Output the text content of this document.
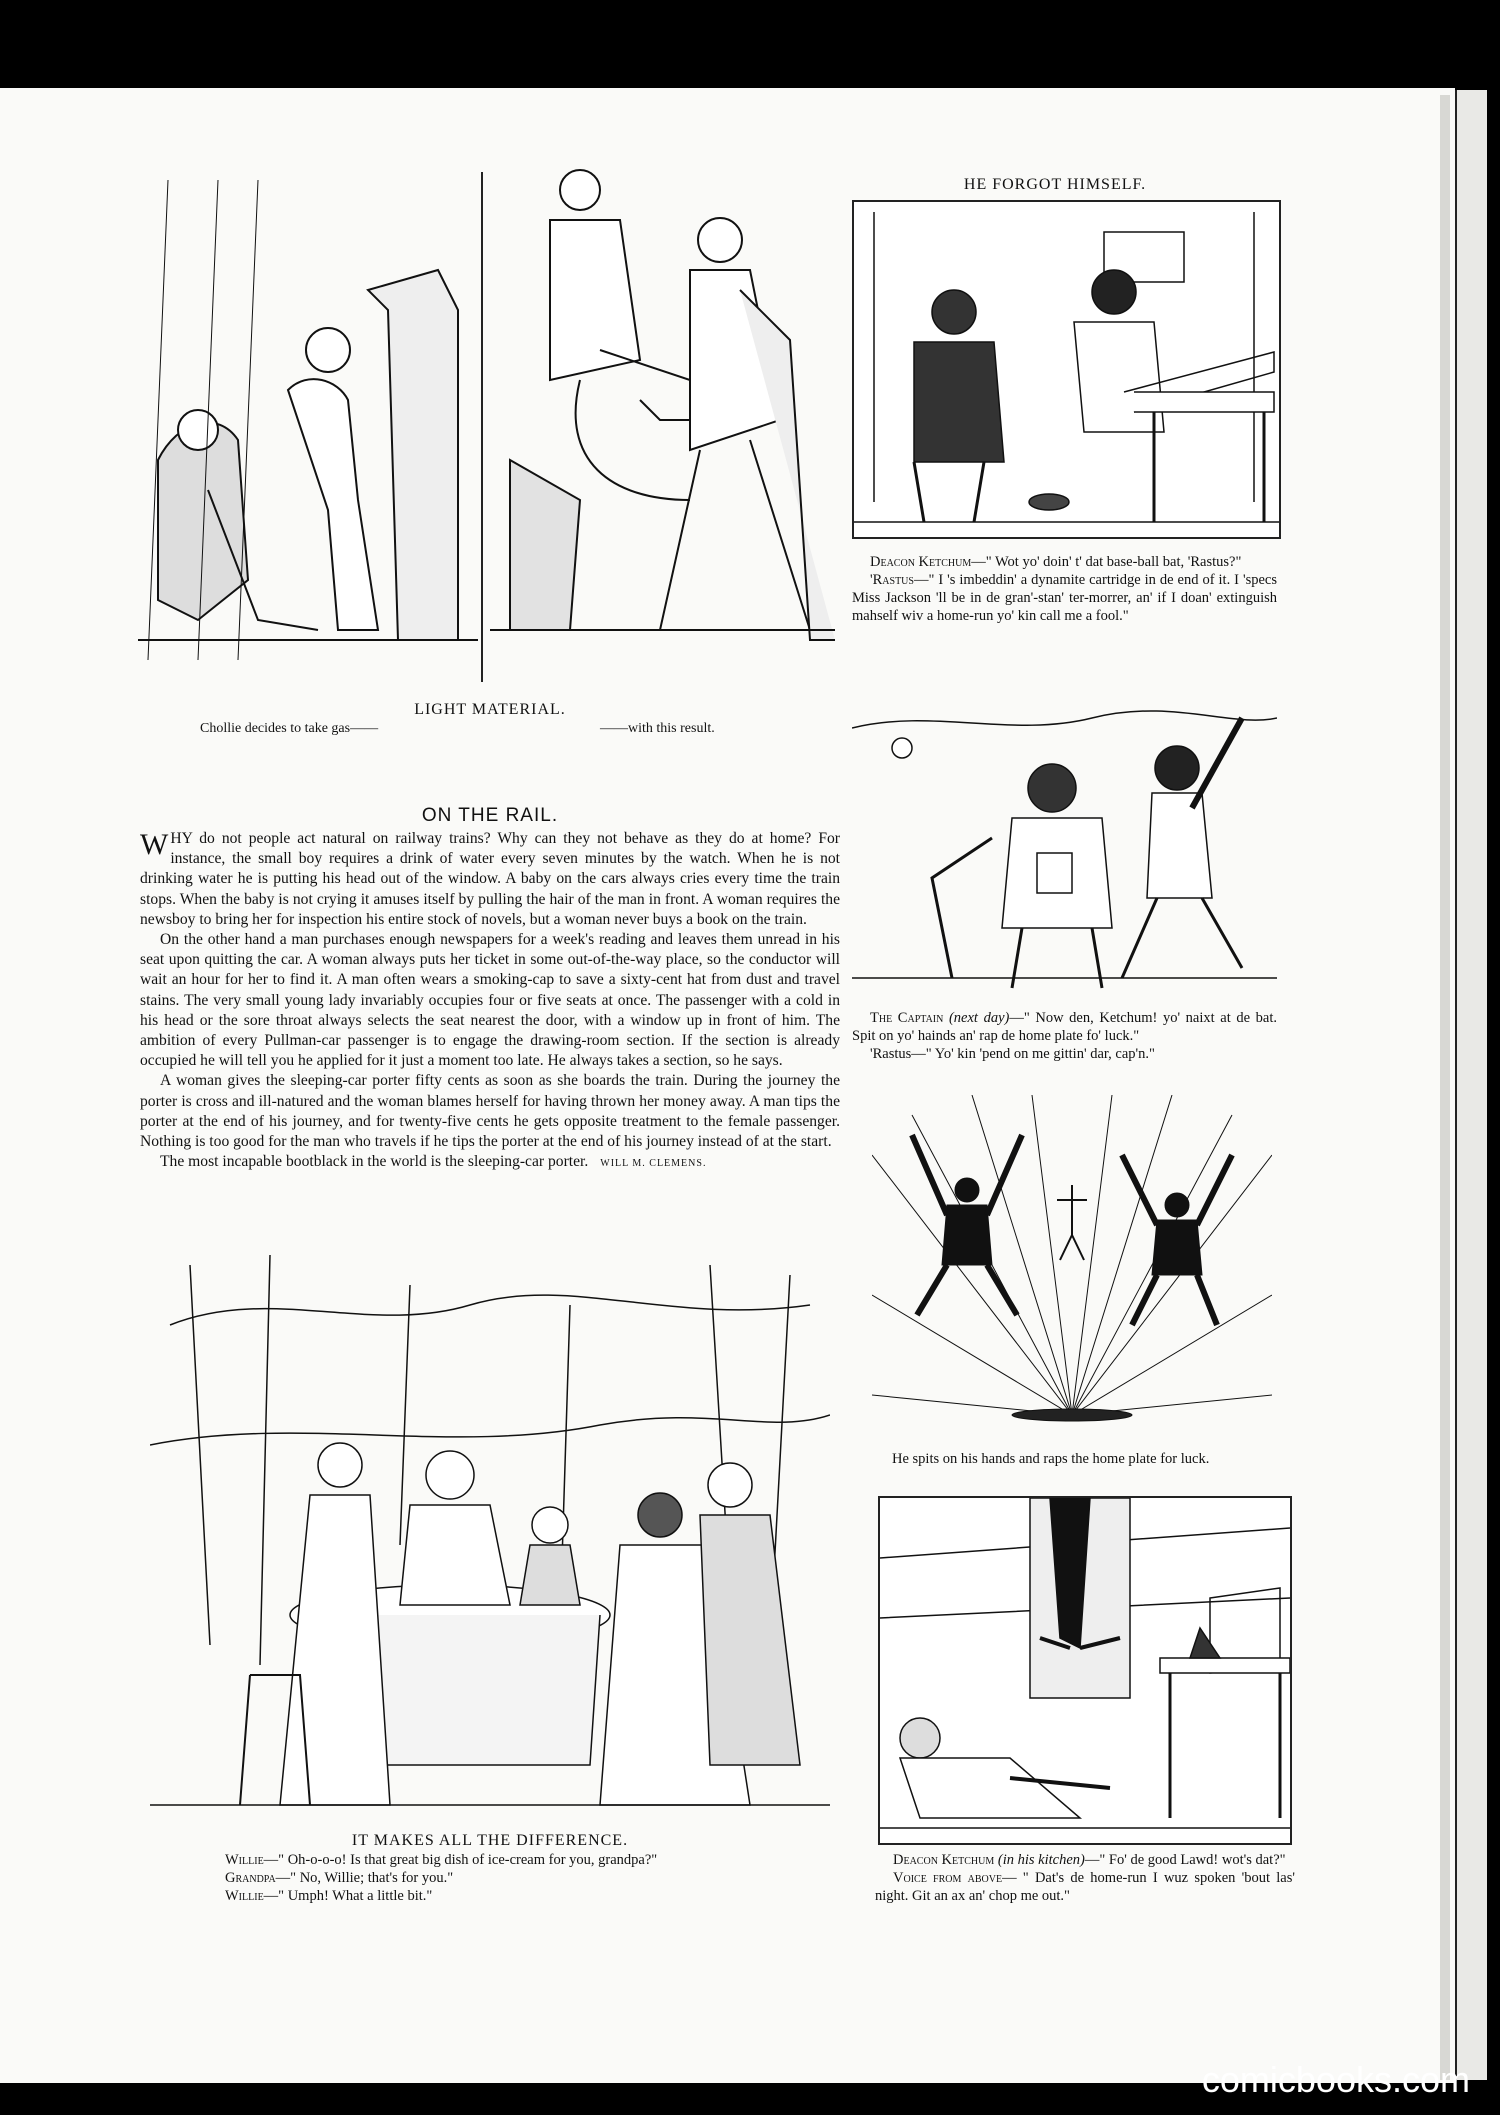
LIGHT MATERIAL.
Chollie decides to take gas——	——with this result.
ON THE RAIL.

WHY do not people act natural on railway trains? Why can they not behave as they do at home? For instance, the small boy requires a drink of water every seven minutes by the watch. When he is not drinking water he is putting his head out of the window. A baby on the cars always cries every time the train stops. When the baby is not crying it amuses itself by pulling the hair of the man in front. A woman requires the newsboy to bring her for inspection his entire stock of novels, but a woman never buys a book on the train.

On the other hand a man purchases enough newspapers for a week's reading and leaves them unread in his seat upon quitting the car. A woman always puts her ticket in some out-of-the-way place, so the conductor will wait an hour for her to find it. A man often wears a smoking-cap to save a sixty-cent hat from dust and travel stains. The very small young lady invariably occupies four or five seats at once. The passenger with a cold in his head or the sore throat always selects the seat nearest the door, with a window up in front of him. The ambition of every Pullman-car passenger is to engage the drawing-room section. If the section is already occupied he will tell you he applied for it just a moment too late. He always takes a section, so he says.

A woman gives the sleeping-car porter fifty cents as soon as she boards the train. During the journey the porter is cross and ill-natured and the woman blames herself for having thrown her money away. A man tips the porter at the end of his journey, and for twenty-five cents he gets opposite treatment to the female passenger. Nothing is too good for the man who travels if he tips the porter at the end of his journey instead of at the start.

The most incapable bootblack in the world is the sleeping-car porter. WILL M. CLEMENS.

IT MAKES ALL THE DIFFERENCE.

Willie—" Oh-o-o-o! Is that great big dish of ice-cream for you, grandpa?"

Grandpa—" No, Willie; that's for you."

Willie—" Umph! What a little bit."

HE FORGOT HIMSELF.

Deacon Ketchum—" Wot yo' doin' t' dat base-ball bat, 'Rastus?"

'Rastus—" I 's imbeddin' a dynamite cartridge in de end of it. I 'specs Miss Jackson 'll be in de gran'-stan' ter-morrer, an' if I doan' extinguish mahself wiv a home-run yo' kin call me a fool."

The Captain (next day)—" Now den, Ketchum! yo' naixt at de bat. Spit on yo' hainds an' rap de home plate fo' luck."

'Rastus—" Yo' kin 'pend on me gittin' dar, cap'n."

He spits on his hands and raps the home plate for luck.

Deacon Ketchum (in his kitchen)—" Fo' de good Lawd! wot's dat?"

Voice from above— " Dat's de home-run I wuz spoken 'bout las' night. Git an ax an' chop me out."

comicbooks.com
